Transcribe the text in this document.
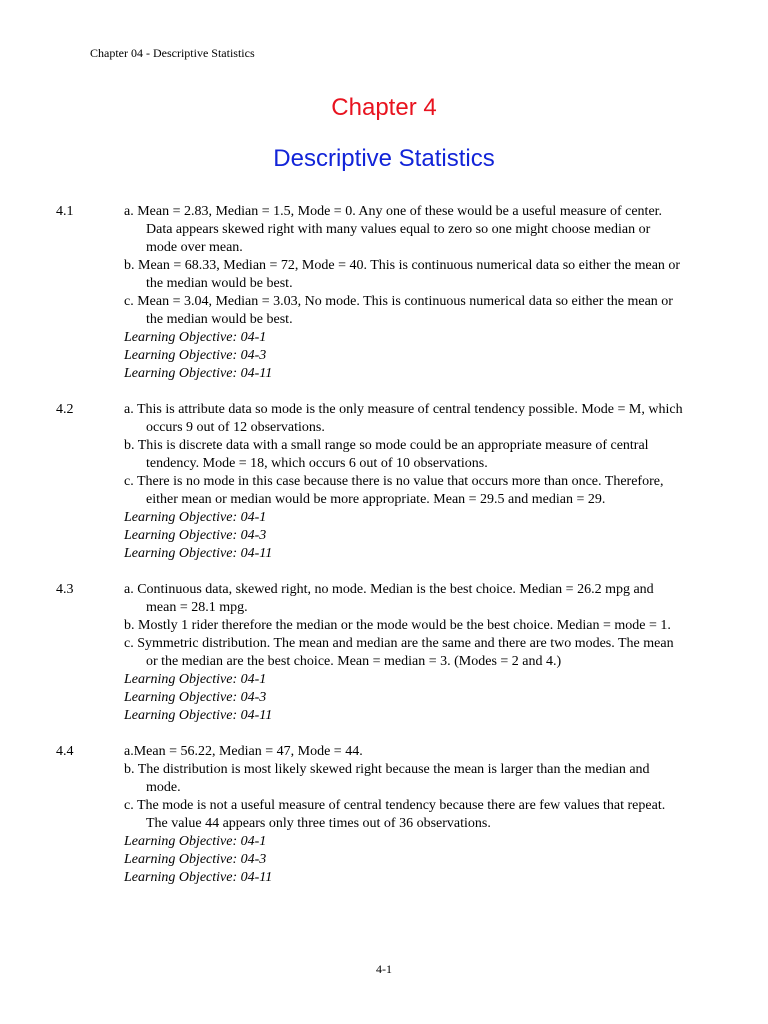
Chapter 04 - Descriptive Statistics
Chapter 4
Descriptive Statistics
4.1	a. Mean = 2.83, Median = 1.5, Mode = 0. Any one of these would be a useful measure of center. Data appears skewed right with many values equal to zero so one might choose median or mode over mean.
b. Mean = 68.33, Median = 72, Mode = 40. This is continuous numerical data so either the mean or the median would be best.
c. Mean = 3.04, Median = 3.03, No mode. This is continuous numerical data so either the mean or the median would be best.
Learning Objective: 04-1
Learning Objective: 04-3
Learning Objective: 04-11
4.2	a. This is attribute data so mode is the only measure of central tendency possible. Mode = M, which occurs 9 out of 12 observations.
b. This is discrete data with a small range so mode could be an appropriate measure of central tendency. Mode = 18, which occurs 6 out of 10 observations.
c. There is no mode in this case because there is no value that occurs more than once. Therefore, either mean or median would be more appropriate. Mean = 29.5 and median = 29.
Learning Objective: 04-1
Learning Objective: 04-3
Learning Objective: 04-11
4.3	a. Continuous data, skewed right, no mode. Median is the best choice. Median = 26.2 mpg and mean = 28.1 mpg.
b. Mostly 1 rider therefore the median or the mode would be the best choice. Median = mode = 1.
c. Symmetric distribution. The mean and median are the same and there are two modes. The mean or the median are the best choice. Mean = median = 3. (Modes = 2 and 4.)
Learning Objective: 04-1
Learning Objective: 04-3
Learning Objective: 04-11
4.4	a.Mean = 56.22, Median = 47, Mode = 44.
b. The distribution is most likely skewed right because the mean is larger than the median and mode.
c. The mode is not a useful measure of central tendency because there are few values that repeat. The value 44 appears only three times out of 36 observations.
Learning Objective: 04-1
Learning Objective: 04-3
Learning Objective: 04-11
4-1
